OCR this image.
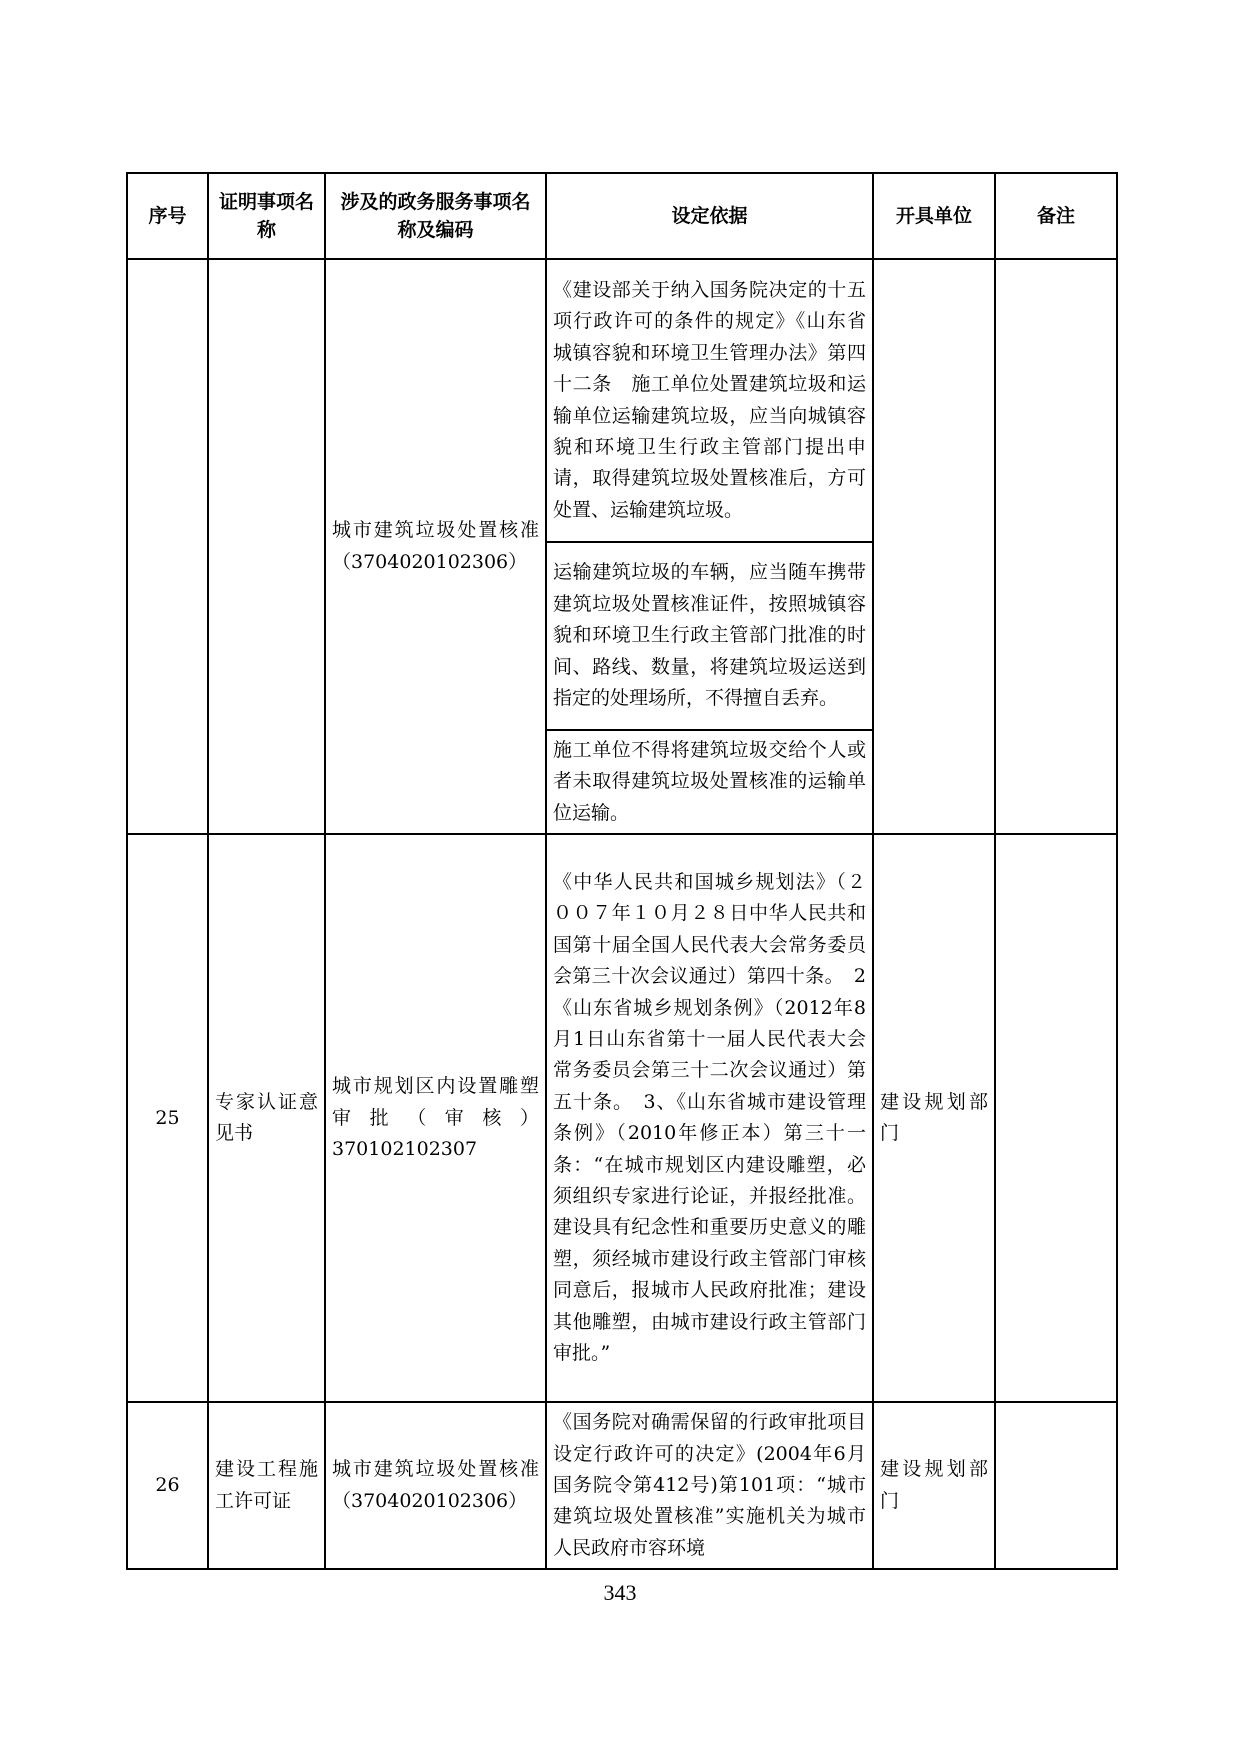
序号	证明事项名称	涉及的政务服务事项名称及编码	设定依据	开具单位	备注
		城市建筑垃圾处置核准（3704020102306）	《建设部关于纳入国务院决定的十五项行政许可的条件的规定》《山东省城镇容貌和环境卫生管理办法》第四十二条　施工单位处置建筑垃圾和运输单位运输建筑垃圾，应当向城镇容貌和环境卫生行政主管部门提出申请，取得建筑垃圾处置核准后，方可处置、运输建筑垃圾。		
			运输建筑垃圾的车辆，应当随车携带建筑垃圾处置核准证件，按照城镇容貌和环境卫生行政主管部门批准的时间、路线、数量，将建筑垃圾运送到指定的处理场所，不得擅自丢弃。		
			施工单位不得将建筑垃圾交给个人或者未取得建筑垃圾处置核准的运输单位运输。		
25	专家认证意见书	城市规划区内设置雕塑审批（审核）370102102307	《中华人民共和国城乡规划法》（２００７年１０月２８日中华人民共和国第十届全国人民代表大会常务委员会第三十次会议通过）第四十条。　2《山东省城乡规划条例》（2012年8月1日山东省第十一届人民代表大会常务委员会第三十二次会议通过）第五十条。　3、《山东省城市建设管理条例》（2010年修正本）第三十一条：“在城市规划区内建设雕塑，必须组织专家进行论证，并报经批准。建设具有纪念性和重要历史意义的雕塑，须经城市建设行政主管部门审核同意后，报城市人民政府批准；建设其他雕塑，由城市建设行政主管部门审批。”	建设规划部门	
26	建设工程施工许可证	城市建筑垃圾处置核准（3704020102306）	《国务院对确需保留的行政审批项目设定行政许可的决定》(2004年6月国务院令第412号)第101项：“城市建筑垃圾处置核准”实施机关为城市人民政府市容环境	建设规划部门	
343
